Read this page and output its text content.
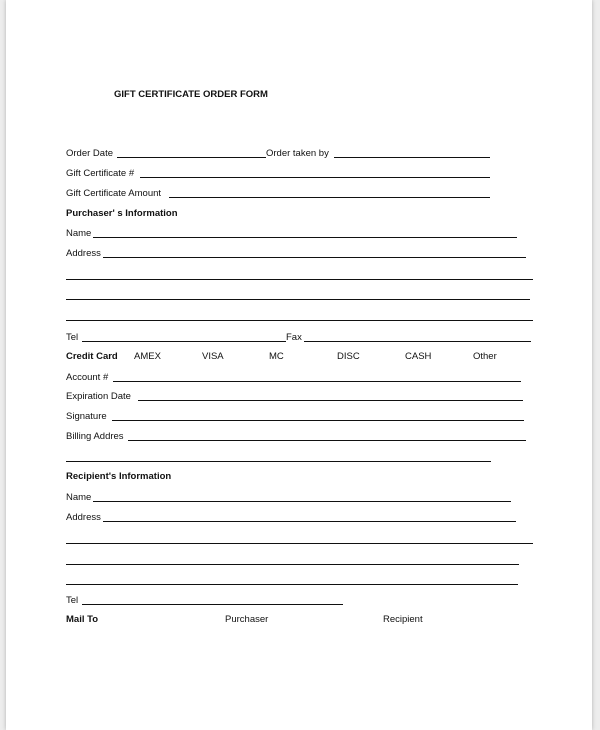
GIFT CERTIFICATE ORDER FORM
Order Date	Order taken by
Gift Certificate #
Gift Certificate Amount
Purchaser' s Information
Name
Address
Tel	Fax
Credit Card AMEX	VISA	MC	DISC	CASH	Other
Account #
Expiration Date
Signature
Billing Addres
Recipient's Information
Name
Address
Tel
Mail To	Purchaser	Recipient
